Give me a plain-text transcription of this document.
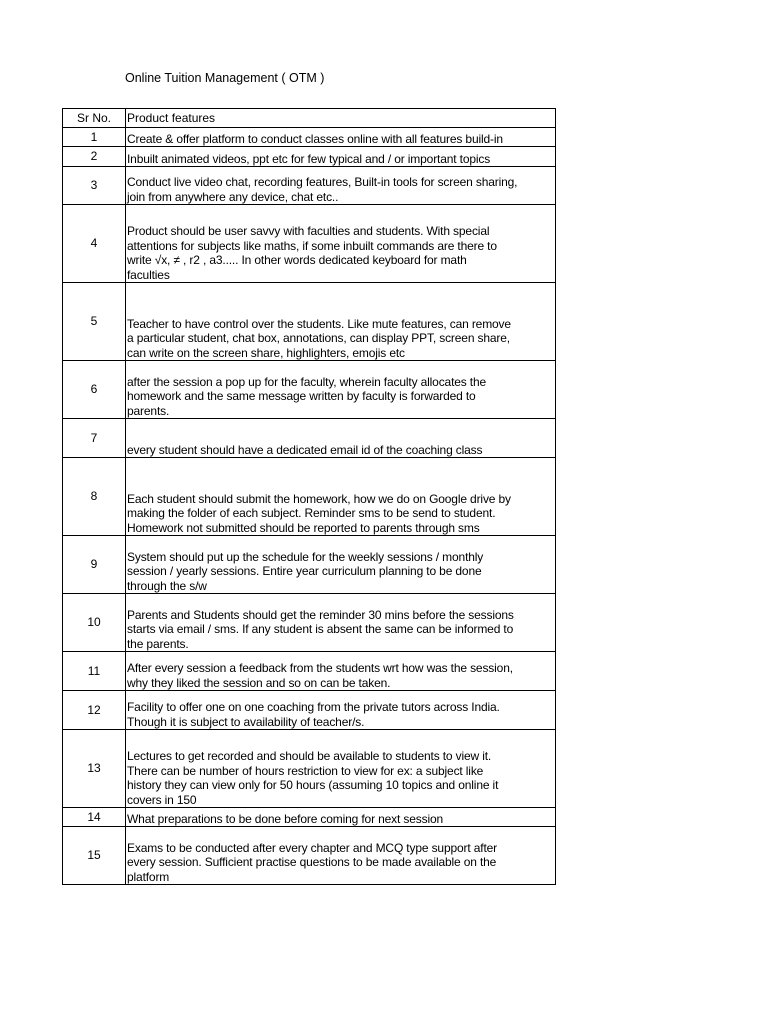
Online Tuition Management ( OTM )
Sr No.	Product features
1	Create & offer platform to conduct classes online with all features build-in

2	Inbuilt animated videos, ppt etc for few typical and / or important topics

3	Conduct live video chat, recording features, Built-in tools for screen sharing,
join from anywhere any device, chat etc..

4	Product should be user savvy with faculties and students. With special
attentions for subjects like maths, if some inbuilt commands are there to
write √x, ≠ , r2 , a3..... In other words dedicated keyboard for math
faculties

5	Teacher to have control over the students. Like mute features, can remove
a particular student, chat box, annotations, can display PPT, screen share,
can write on the screen share, highlighters, emojis etc

6	after the session a pop up for the faculty, wherein faculty allocates the
homework and the same message written by faculty is forwarded to
parents.

7	every student should have a dedicated email id of the coaching class

8	Each student should submit the homework, how we do on Google drive by
making the folder of each subject. Reminder sms to be send to student.
Homework not submitted should be reported to parents through sms

9	System should put up the schedule for the weekly sessions / monthly
session / yearly sessions. Entire year curriculum planning to be done
through the s/w

10	Parents and Students should get the reminder 30 mins before the sessions
starts via email / sms. If any student is absent the same can be informed to
the parents.

11	After every session a feedback from the students wrt how was the session,
why they liked the session and so on can be taken.

12	Facility to offer one on one coaching from the private tutors across India.
Though it is subject to availability of teacher/s.

13	Lectures to get recorded and should be available to students to view it.
There can be number of hours restriction to view for ex: a subject like
history they can view only for 50 hours (assuming 10 topics and online it
covers in 150

14	What preparations to be done before coming for next session

15	Exams to be conducted after every chapter and MCQ type support after
every session. Sufficient practise questions to be made available on the
platform
